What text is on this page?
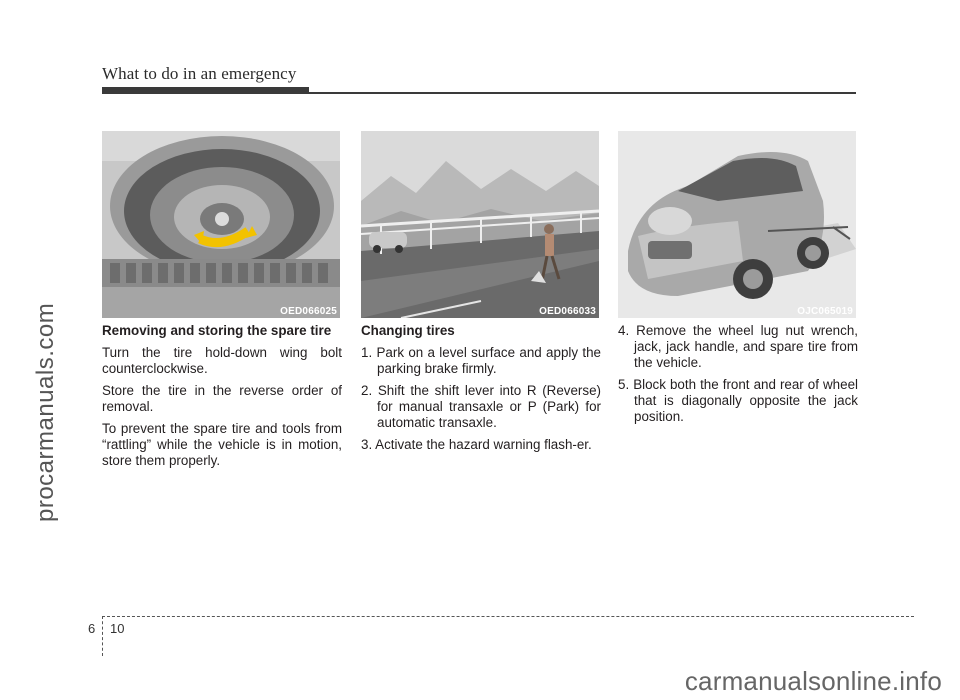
What to do in an emergency
procarmanuals.com	OED066025	OED066033	OJC065019

Removing and storing the spare tire

Turn the tire hold-down wing bolt counterclockwise.

Store the tire in the reverse order of removal.

To prevent the spare tire and tools from “rattling” while the vehicle is in motion, store them properly.

Changing tires

1. Park on a level surface and apply the parking brake firmly.

2. Shift the shift lever into R (Reverse) for manual transaxle or P (Park) for automatic transaxle.

3. Activate the hazard warning flash-er.

4. Remove the wheel lug nut wrench, jack, jack handle, and spare tire from the vehicle.

5. Block both the front and rear of wheel that is diagonally opposite the jack position.

6 10
carmanualsonline.info
